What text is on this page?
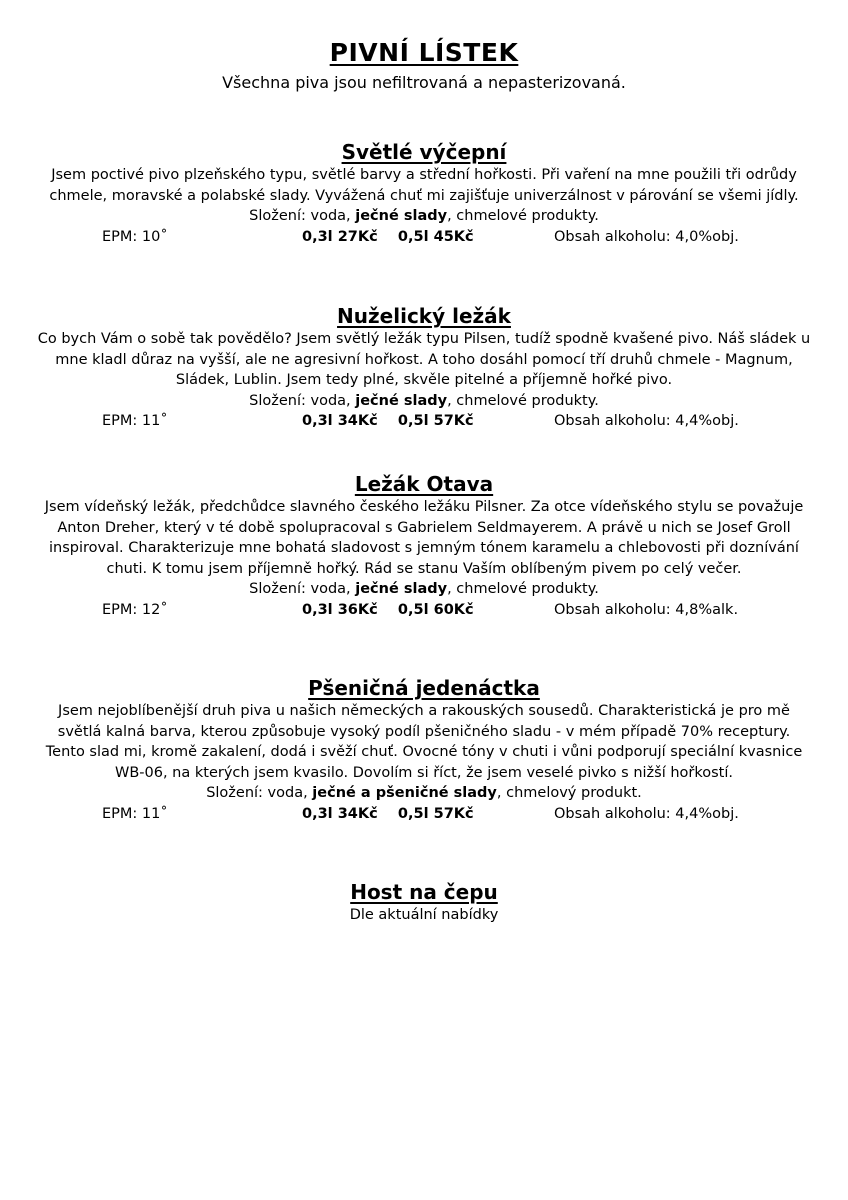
PIVNÍ LÍSTEK
Všechna piva jsou nefiltrovaná a nepasterizovaná.
Světlé výčepní
Jsem poctivé pivo plzeňského typu, světlé barvy a střední hořkosti. Při vaření na mne použili tři odrůdy chmele, moravské a polabské slady. Vyvážená chuť mi zajišťuje univerzálnost v párování se všemi jídly.
Složení: voda, ječné slady, chmelové produkty.
EPM: 10˚	0,3l 27Kč    0,5l 45Kč	Obsah alkoholu: 4,0%obj.
Nuželický ležák
Co bych Vám o sobě tak povědělo? Jsem světlý ležák typu Pilsen, tudíž spodně kvašené pivo. Náš sládek u mne kladl důraz na vyšší, ale ne agresivní hořkost. A toho dosáhl pomocí tří druhů chmele - Magnum, Sládek, Lublin. Jsem tedy plné, skvěle pitelné a příjemně hořké pivo.
Složení: voda, ječné slady, chmelové produkty.
EPM: 11˚	0,3l 34Kč    0,5l 57Kč	Obsah alkoholu: 4,4%obj.
Ležák Otava
Jsem vídeňský ležák, předchůdce slavného českého ležáku Pilsner. Za otce vídeňského stylu se považuje Anton Dreher, který v té době spolupracoval s Gabrielem Seldmayerem. A právě u nich se Josef Groll inspiroval. Charakterizuje mne bohatá sladovost s jemným tónem karamelu a chlebovosti při doznívání chuti. K tomu jsem příjemně hořký. Rád se stanu Vaším oblíbeným pivem po celý večer.
Složení: voda, ječné slady, chmelové produkty.
EPM: 12˚	0,3l 36Kč    0,5l 60Kč	Obsah alkoholu: 4,8%alk.
Pšeničná jedenáctka
Jsem nejoblíbenější druh piva u našich německých a rakouských sousedů. Charakteristická je pro mě světlá kalná barva, kterou způsobuje vysoký podíl pšeničného sladu - v mém případě 70% receptury. Tento slad mi, kromě zakalení, dodá i svěží chuť. Ovocné tóny v chuti i vůni podporují speciální kvasnice WB-06, na kterých jsem kvasilo. Dovolím si říct, že jsem veselé pivko s nižší hořkostí.
Složení: voda, ječné a pšeničné slady, chmelový produkt.
EPM: 11˚	0,3l 34Kč    0,5l 57Kč	Obsah alkoholu: 4,4%obj.
Host na čepu
Dle aktuální nabídky
